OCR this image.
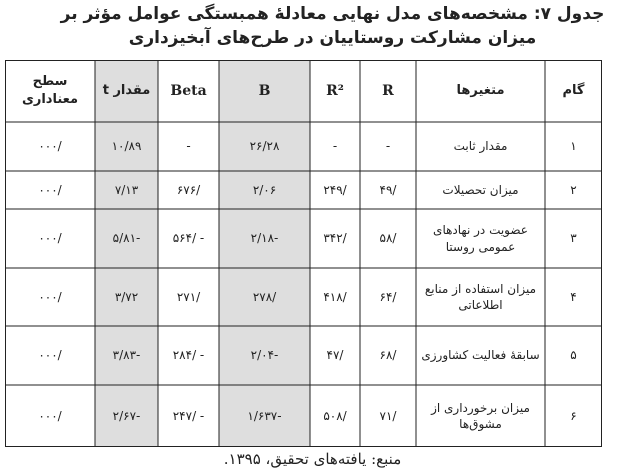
جدول ۷: مشخصه‌های مدل نهایی معادلهٔ همبستگی عوامل مؤثر بر
میزان مشارکت روستاییان در طرح‌های آبخیزداری
گام
متغیرها
R
R²
B
Beta
مقدار t
سطح معناداری
۱
مقدار ثابت
-
-
۲۶/۲۸
-
۱۰/۸۹
/۰۰۰
۲
میزان تحصیلات
/۴۹
/۲۴۹
۲/۰۶
/۶۷۶
۷/۱۳
/۰۰۰
۳
عضویت در نهادهای عمومی روستا
/۵۸
/۳۴۲
-۲/۱۸
- /۵۶۴
-۵/۸۱
/۰۰۰
۴
میزان استفاده از منابع اطلاعاتی
/۶۴
/۴۱۸
/۲۷۸
/۲۷۱
۳/۷۲
/۰۰۰
۵
سابقهٔ فعالیت کشاورزی
/۶۸
/۴۷
-۲/۰۴
- /۲۸۴
-۳/۸۳
/۰۰۰
۶
میزان برخورداری از مشوق‌ها
/۷۱
/۵۰۸
-۱/۶۳۷
- /۲۴۷
-۲/۶۷
/۰۰۰
منبع: یافته‌های تحقیق، ۱۳۹۵.
